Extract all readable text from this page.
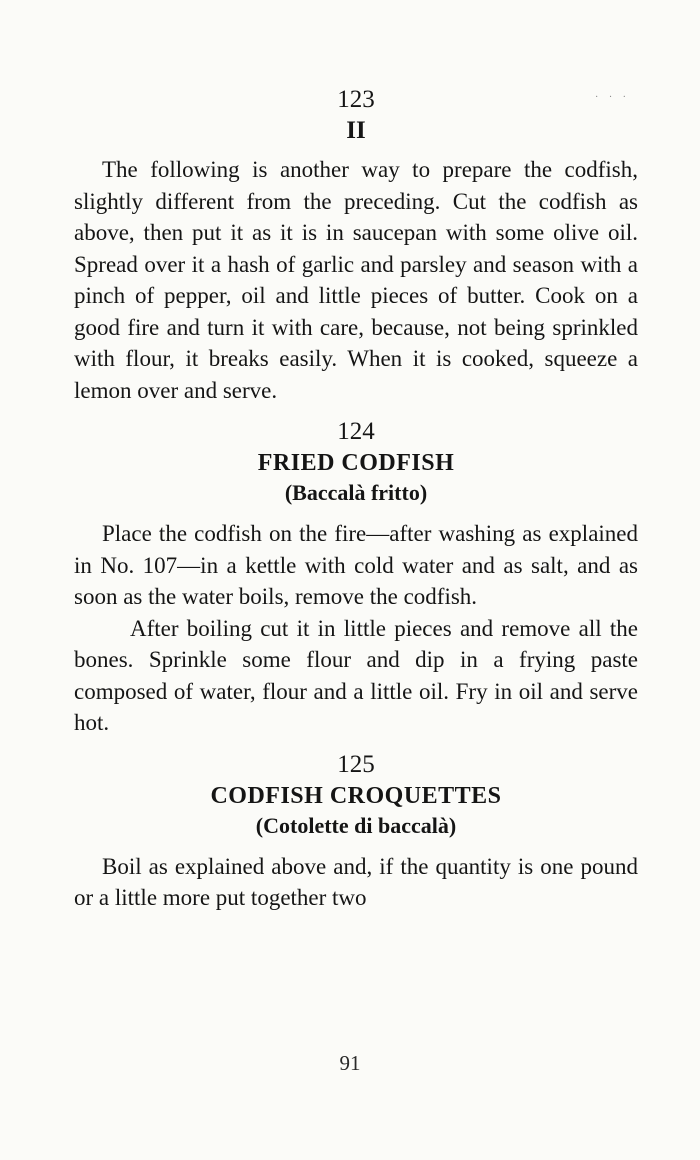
· · ·
123
II

The following is another way to prepare the codfish, slightly different from the preceding. Cut the codfish as above, then put it as it is in saucepan with some olive oil. Spread over it a hash of garlic and parsley and season with a pinch of pepper, oil and little pieces of butter. Cook on a good fire and turn it with care, because, not being sprinkled with flour, it breaks easily. When it is cooked, squeeze a lemon over and serve.

124
FRIED CODFISH
(Baccalà fritto)

Place the codfish on the fire—after washing as explained in No. 107—in a kettle with cold water and as salt, and as soon as the water boils, remove the codfish.

After boiling cut it in little pieces and remove all the bones. Sprinkle some flour and dip in a frying paste composed of water, flour and a little oil. Fry in oil and serve hot.

125
CODFISH CROQUETTES
(Cotolette di baccalà)

Boil as explained above and, if the quantity is one pound or a little more put together two

91
